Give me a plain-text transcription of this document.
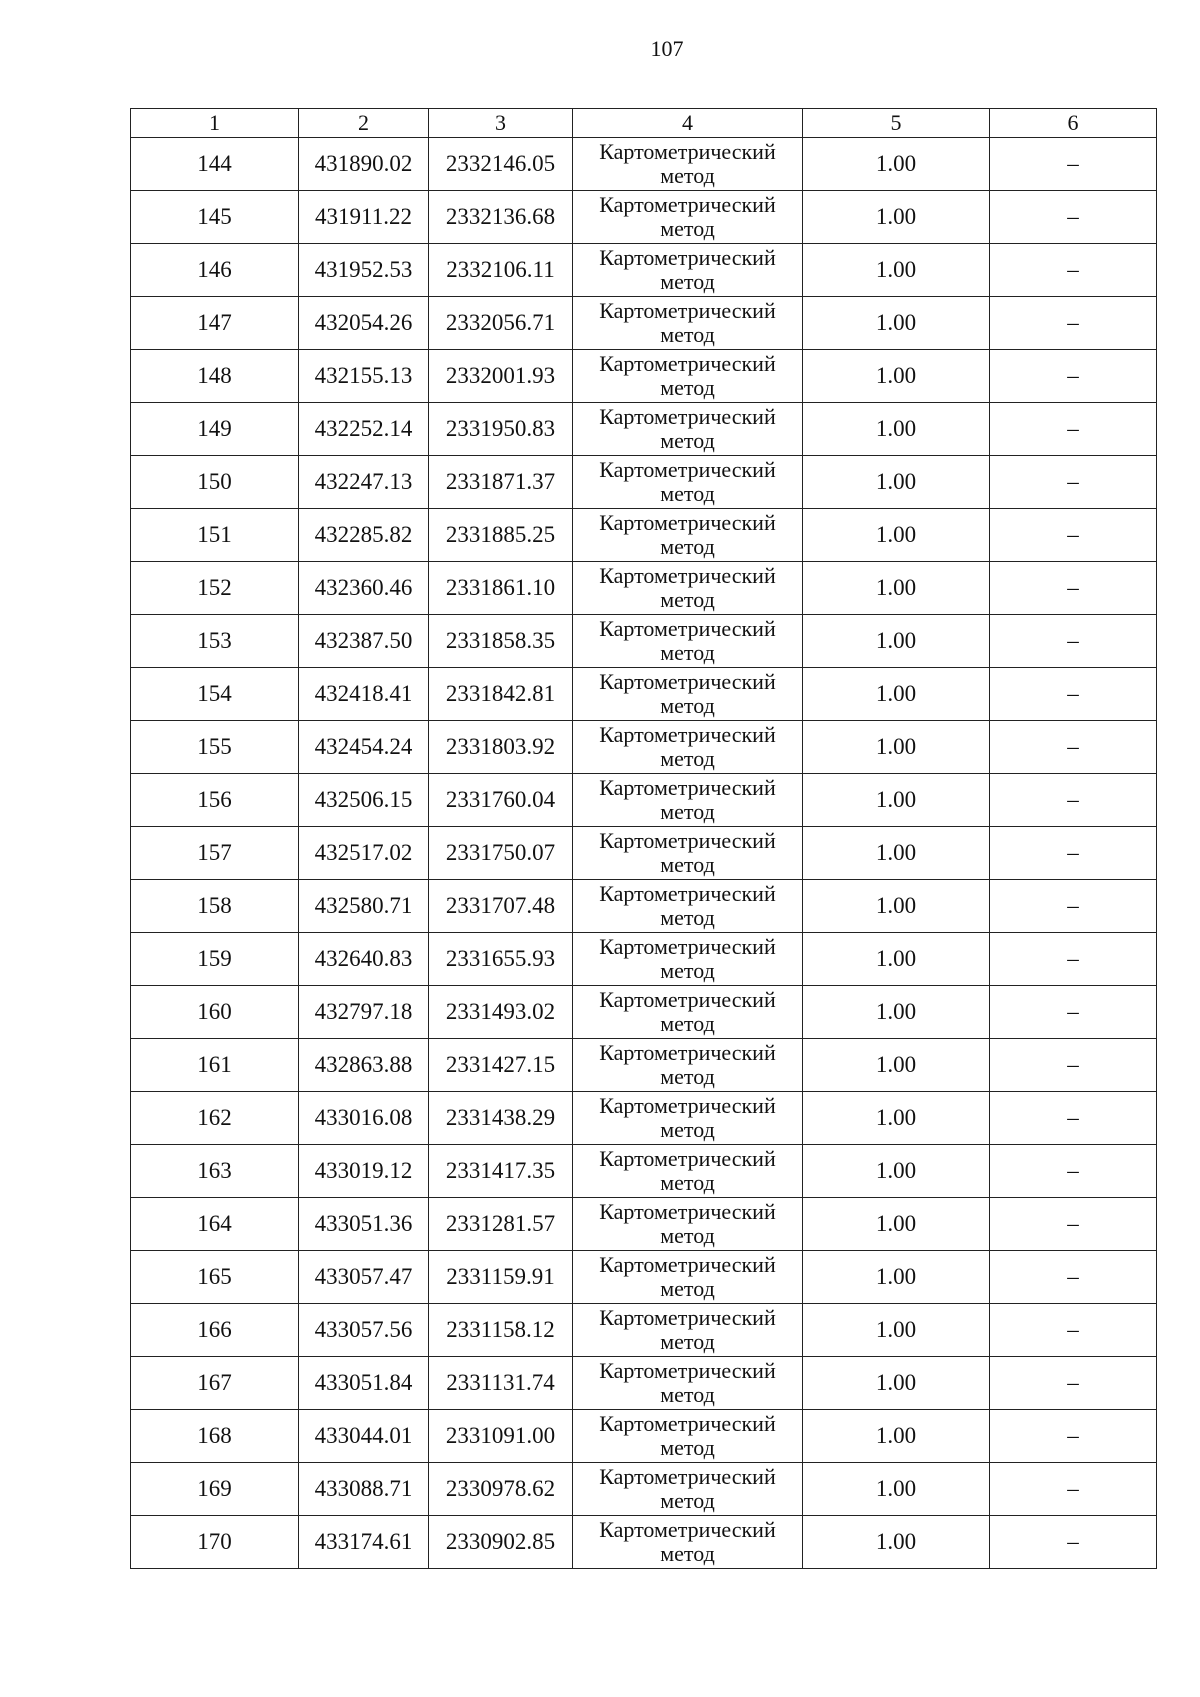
107
1	2	3	4	5	6
144	431890.02	2332146.05	Картометрический метод	1.00	–
145	431911.22	2332136.68	Картометрический метод	1.00	–
146	431952.53	2332106.11	Картометрический метод	1.00	–
147	432054.26	2332056.71	Картометрический метод	1.00	–
148	432155.13	2332001.93	Картометрический метод	1.00	–
149	432252.14	2331950.83	Картометрический метод	1.00	–
150	432247.13	2331871.37	Картометрический метод	1.00	–
151	432285.82	2331885.25	Картометрический метод	1.00	–
152	432360.46	2331861.10	Картометрический метод	1.00	–
153	432387.50	2331858.35	Картометрический метод	1.00	–
154	432418.41	2331842.81	Картометрический метод	1.00	–
155	432454.24	2331803.92	Картометрический метод	1.00	–
156	432506.15	2331760.04	Картометрический метод	1.00	–
157	432517.02	2331750.07	Картометрический метод	1.00	–
158	432580.71	2331707.48	Картометрический метод	1.00	–
159	432640.83	2331655.93	Картометрический метод	1.00	–
160	432797.18	2331493.02	Картометрический метод	1.00	–
161	432863.88	2331427.15	Картометрический метод	1.00	–
162	433016.08	2331438.29	Картометрический метод	1.00	–
163	433019.12	2331417.35	Картометрический метод	1.00	–
164	433051.36	2331281.57	Картометрический метод	1.00	–
165	433057.47	2331159.91	Картометрический метод	1.00	–
166	433057.56	2331158.12	Картометрический метод	1.00	–
167	433051.84	2331131.74	Картометрический метод	1.00	–
168	433044.01	2331091.00	Картометрический метод	1.00	–
169	433088.71	2330978.62	Картометрический метод	1.00	–
170	433174.61	2330902.85	Картометрический метод	1.00	–
